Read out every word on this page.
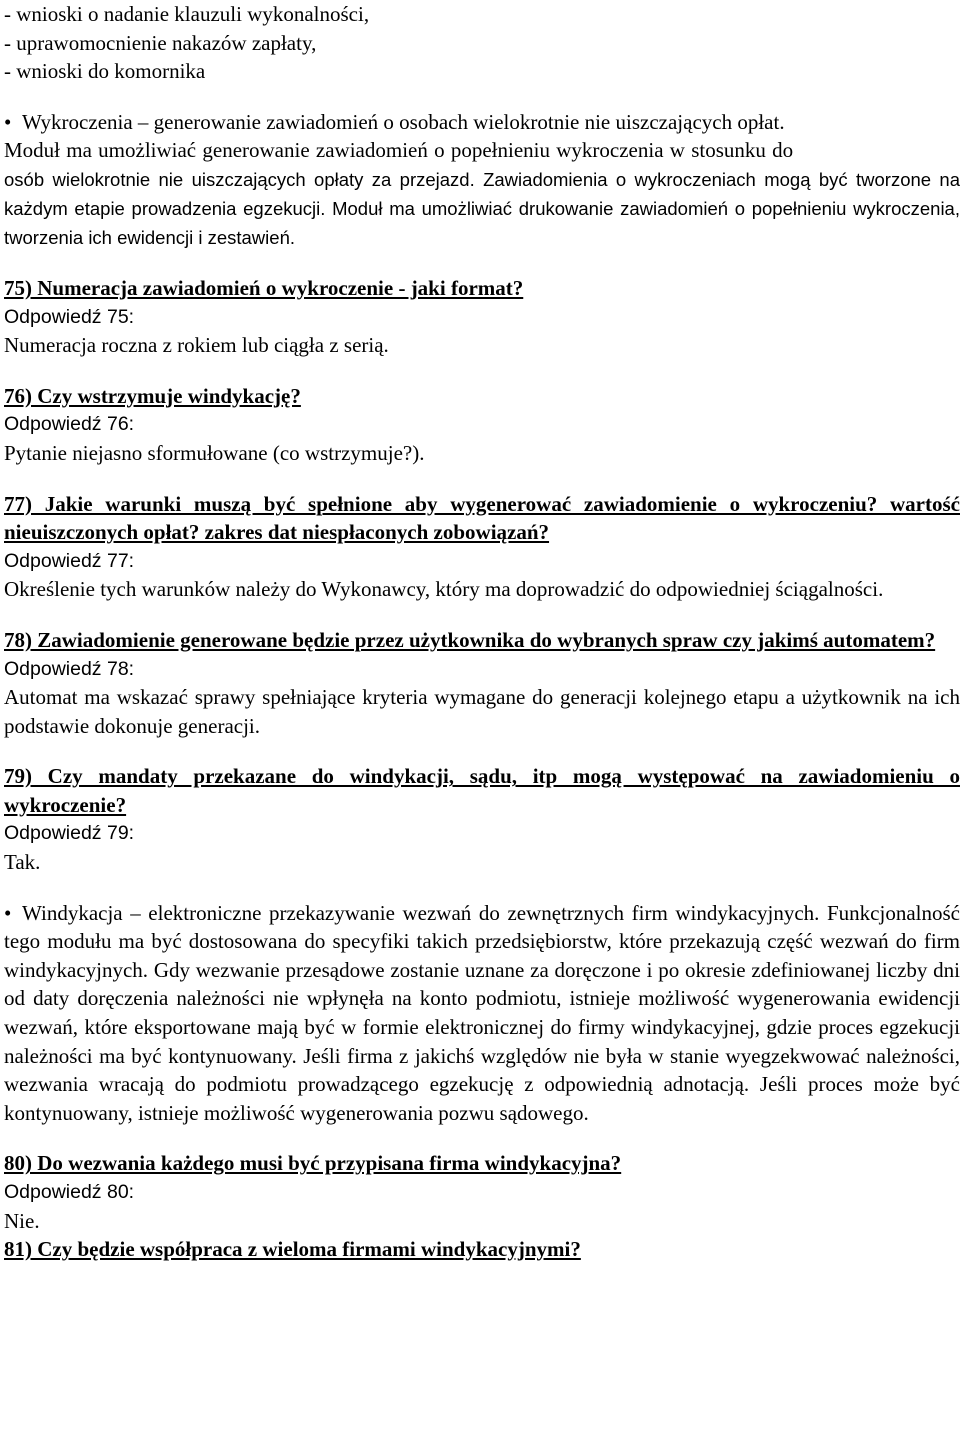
- wnioski o nadanie klauzuli wykonalności,

- uprawomocnienie nakazów zapłaty,

- wnioski do komornika

• Wykroczenia – generowanie zawiadomień o osobach wielokrotnie nie uiszczających opłat.

Moduł ma umożliwiać generowanie zawiadomień o popełnieniu wykroczenia w stosunku do

osób wielokrotnie nie uiszczających opłaty za przejazd. Zawiadomienia o wykroczeniach mogą być tworzone na każdym etapie prowadzenia egzekucji. Moduł ma umożliwiać drukowanie zawiadomień o popełnieniu wykroczenia, tworzenia ich ewidencji i zestawień.

75) Numeracja zawiadomień o wykroczenie - jaki format?

Odpowiedź 75:

Numeracja roczna z rokiem lub ciągła z serią.

76) Czy wstrzymuje windykację?

Odpowiedź 76:

Pytanie niejasno sformułowane (co wstrzymuje?).

77) Jakie warunki muszą być spełnione aby wygenerować zawiadomienie o wykroczeniu? wartość nieuiszczonych opłat? zakres dat niespłaconych zobowiązań?

Odpowiedź 77:

Określenie tych warunków należy do Wykonawcy, który ma doprowadzić do odpowiedniej ściągalności.

78) Zawiadomienie generowane będzie przez użytkownika do wybranych spraw czy jakimś automatem?

Odpowiedź 78:

Automat ma wskazać sprawy spełniające kryteria wymagane do generacji kolejnego etapu a użytkownik na ich podstawie dokonuje generacji.

79) Czy mandaty przekazane do windykacji, sądu, itp mogą występować na zawiadomieniu o wykroczenie?

Odpowiedź 79:

Tak.

• Windykacja – elektroniczne przekazywanie wezwań do zewnętrznych firm windykacyjnych. Funkcjonalność tego modułu ma być dostosowana do specyfiki takich przedsiębiorstw, które przekazują część wezwań do firm windykacyjnych. Gdy wezwanie przesądowe zostanie uznane za doręczone i po okresie zdefiniowanej liczby dni od daty doręczenia należności nie wpłynęła na konto podmiotu, istnieje możliwość wygenerowania ewidencji wezwań, które eksportowane mają być w formie elektronicznej do firmy windykacyjnej, gdzie proces egzekucji należności ma być kontynuowany. Jeśli firma z jakichś względów nie była w stanie wyegzekwować należności, wezwania wracają do podmiotu prowadzącego egzekucję z odpowiednią adnotacją. Jeśli proces może być kontynuowany, istnieje możliwość wygenerowania pozwu sądowego.

80) Do wezwania każdego musi być przypisana firma windykacyjna?

Odpowiedź 80:

Nie.

81) Czy będzie współpraca z wieloma firmami windykacyjnymi?
